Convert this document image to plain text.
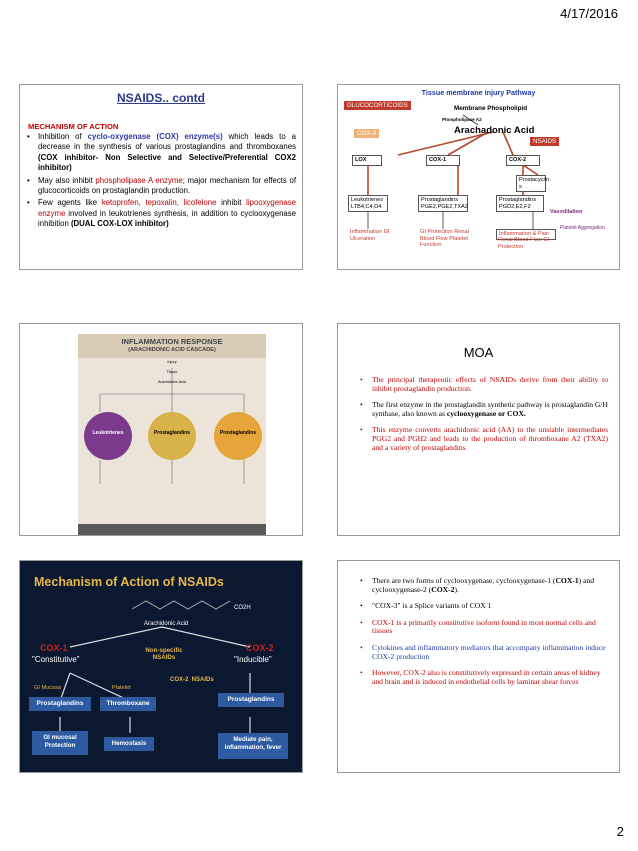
4/17/2016
NSAIDS.. contd
MECHANISM OF ACTION
• Inhibition of cyclo-oxygenase (COX) enzyme(s) which leads to a decrease in the synthesis of various prostaglandins and thromboxanes (COX inhibitor- Non Selective and Selective/Preferential COX2 inhibitor)
• May also inhibit phospholipase A enzyme; major mechanism for effects of glucocorticoids on prostaglandin production.
• Few agents like ketoprofen, tepoxalin, licofelone inhibit lipooxygenase enzyme involved in leukotrienes synthesis, in addition to cyclooxygenase inhibition (DUAL COX-LOX inhibitor)
Tissue membrane injury Pathway
GLUCOCORTICOIDS	Membrane Phospholipid
Phospholipase A2
Arachadonic Acid
COX-3
NSAIDS
LOX	COX-1	COX-2
Prostacyclin s
Leukotrienes LTB4,C4,D4
Prostaglandins PGE2,PGE2,TXA2
Prostaglandins PGD2,E2,F2
Vasodilation
Platelet Aggregation
Inflammation GI Ulceration
GI Protection Renal Blood Flow Platelet Function
Inflammation & Pain
Renal Blood Flow GI Protection
INFLAMMATION RESPONSE
(ARACHIDONIC ACID CASCADE)
Injury
Tissue
Arachidonic Acid
Leukotrienes	Prostaglandins	Prostaglandins
MOA
• The principal therapeutic effects of NSAIDs derive from their ability to inhibit prostaglandin production.
• The first enzyme in the prostaglandin synthetic pathway is prostaglandin G/H synthase, also known as cyclooxygenase or COX.
• This enzyme converts arachidonic acid (AA) to the unstable intermediates PGG2 and PGH2 and leads to the production of thromboxane A2 (TXA2) and a variety of prostaglandins
Mechanism of Action of NSAIDs
Arachidonic Acid
CO2H
COX-1
"Constitutive"
Non-specific NSAIDs
COX-2
"Inducible"
COX-2  NSAIDs
GI Mucosa	Platelet
Prostaglandins	Thromboxane
Prostaglandins
GI mucosal Protection	Hemostasis
Mediate pain, inflammation, fever
• There are two forms of cyclooxygenase, cyclooxygenase-1 (COX-1) and cyclooxygenase-2 (COX-2).
• "COX-3" is a Splice variants of COX 1
• COX-1 is a primarily constitutive isoform found in most normal cells and tissues
• Cytokines and inflammatory mediators that accompany inflammation induce COX-2 production
• However, COX-2 also is constitutively expressed in certain areas of kidney and brain and is induced in endothelial cells by laminar shear forces
2
